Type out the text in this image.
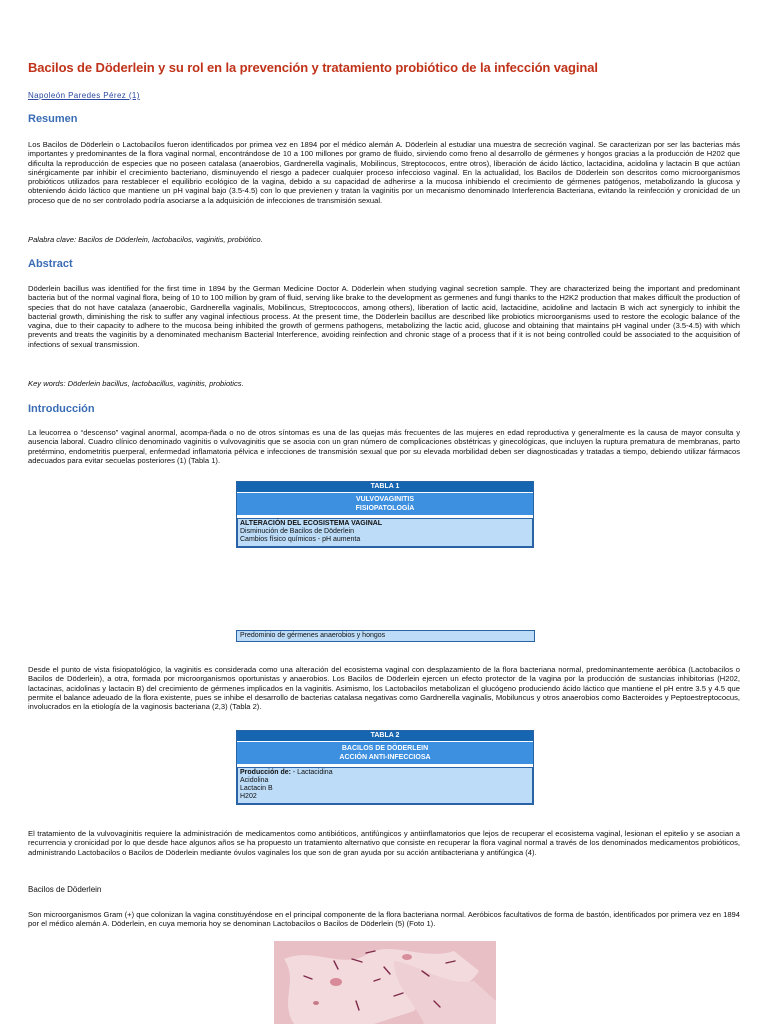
Bacilos de Döderlein y su rol en la prevención y tratamiento probiótico de la infección vaginal
Napoleón Paredes Pérez (1)
Resumen

Los Bacilos de Döderlein o Lactobacilos fueron identificados por primea vez en 1894 por el médico alemán A. Döderlein al estudiar una muestra de secreción vaginal. Se caracterizan por ser las bacterias más importantes y predominantes de la flora vaginal normal, encontrándose de 10 a 100 millones por gramo de fluido, sirviendo como freno al desarrollo de gérmenes y hongos gracias a la producción de H202 que dificulta la reproducción de especies que no poseen catalasa (anaerobios, Gardnerella vaginalis, Mobilincus, Streptococos, entre otros), liberación de ácido láctico, lactacidina, acidolina y lactacin B que actúan sinérgicamente par inhibir el crecimiento bacteriano, disminuyendo el riesgo a padecer cualquier proceso infeccioso vaginal. En la actualidad, los Bacilos de Döderlein son descritos como microorganismos probióticos utilizados para restablecer el equilibrio ecológico de la vagina, debido a su capacidad de adherirse a la mucosa inhibiendo el crecimiento de gérmenes patógenos, metabolizando la glucosa y obteniendo ácido láctico que mantiene un pH vaginal bajo (3.5-4.5) con lo que previenen y tratan la vaginitis por un mecanismo denominado Interferencia Bacteriana, evitando la reinfección y cronicidad de un proceso que de no ser controlado podría asociarse a la adquisición de infecciones de transmisión sexual.

Palabra clave: Bacilos de Döderlein, lactobacilos, vaginitis, probiótico.
Abstract

Döderlein bacillus was identified for the first time in 1894 by the German Medicine Doctor A. Döderlein when studying vaginal secretion sample. They are characterized being the important and predominant bacteria but of the normal vaginal flora, being of 10 to 100 million by gram of fluid, serving like brake to the development as germenes and fungi thanks to the H2K2 production that makes difficult the production of species that do not have catalaza (anaerobic, Gardnerella vaginalis, Mobilincus, Streptococcos, among others), liberation of lactic acid, lactacidine, acidoline and lactacin B wich act synergicly to inhibit the bacterial growth, diminishing the risk to suffer any vaginal infectious process. At the present time, the Döderlein bacillus are described like probiotics microorganisms used to restore the ecologic balance of the vagina, due to their capacity to adhere to the mucosa being inhibited the growth of germens pathogens, metabolizing the lactic acid, glucose and obtaining that maintains pH vaginal under (3.5-4.5) with which prevents and treats the vaginitis by a denominated mechanism Bacterial Interference, avoiding reinfection and chronic stage of a process that if it is not being controlled could be associated to the acquisition of infections of sexual transmission.

Key words: Döderlein bacillus, lactobacillus, vaginitis, probiotics.
Introducción

La leucorrea o “descenso” vaginal anormal, acompa-ñada o no de otros síntomas es una de las quejas más frecuentes de las mujeres en edad reproductiva y generalmente es la causa de mayor consulta y ausencia laboral. Cuadro clínico denominado vaginitis o vulvovaginitis que se asocia con un gran número de complicaciones obstétricas y ginecológicas, que incluyen la ruptura prematura de membranas, parto pretérmino, endometritis puerperal, enfermedad inflamatoria pélvica e infecciones de transmisión sexual que por su elevada morbilidad deben ser diagnosticadas y tratadas a tiempo, debiendo utilizar fármacos adecuados para evitar secuelas posteriores (1) (Tabla 1).

Desde el punto de vista fisiopatológico, la vaginitis es considerada como una alteración del ecosistema vaginal con desplazamiento de la flora bacteriana normal, predominantemente aeróbica (Lactobacilos o Bacilos de Döderlein), a otra, formada por microorganismos oportunistas y anaerobios. Los Bacilos de Döderlein ejercen un efecto protector de la vagina por la producción de sustancias inhibitorias (H202, lactacinas, acidolinas y lactacin B) del crecimiento de gérmenes implicados en la vaginitis. Asimismo, los Lactobacilos metabolizan el glucógeno produciendo ácido láctico que mantiene el pH entre 3.5 y 4.5 que permite el balance adeuado de la flora existente, pues se inhibe el desarrollo de bacterias catalasa negativas como Gardnerella vaginalis, Mobiluncus y otros anaerobios como Bacteroides y Peptoestreptococus, involucrados en la etiología de la vaginosis bacteriana (2,3) (Tabla 2).

El tratamiento de la vulvovaginitis requiere la administración de medicamentos como antibióticos, antifúngicos y antiinflamatorios que lejos de recuperar el ecosistema vaginal, lesionan el epitelio y se asocian a recurrencia y cronicidad por lo que desde hace algunos años se ha propuesto un tratamiento alternativo que consiste en recuperar la flora vaginal normal a través de los denominados medicamentos probióticos, administrando Lactobacilos o Bacilos de Döderlein mediante óvulos vaginales los que son de gran ayuda por su acción antibacteriana y antifúngica (4).

Bacilos de Döderlein

Son microorganismos Gram (+) que colonizan la vagina constituyéndose en el principal componente de la flora bacteriana normal. Aeróbicos facultativos de forma de bastón, identificados por primera vez en 1894 por el médico alemán A. Döderlein, en cuya memoria hoy se denominan Lactobacilos o Bacilos de Döderlein (5) (Foto 1).

TABLA 1
VULVOVAGINITIS
FISIOPATOLOGÍA
ALTERACIÓN DEL ECOSISTEMA VAGINAL
Disminución de Bacilos de Döderlein
Cambios físico químicos - pH aumenta
Predominio de gérmenes anaerobios y hongos
TABLA 2
BACILOS DE DÖDERLEIN
ACCIÓN ANTI-INFECCIOSA
Producción de: - Lactacidina
Acidolina
Lactacin B
H202
